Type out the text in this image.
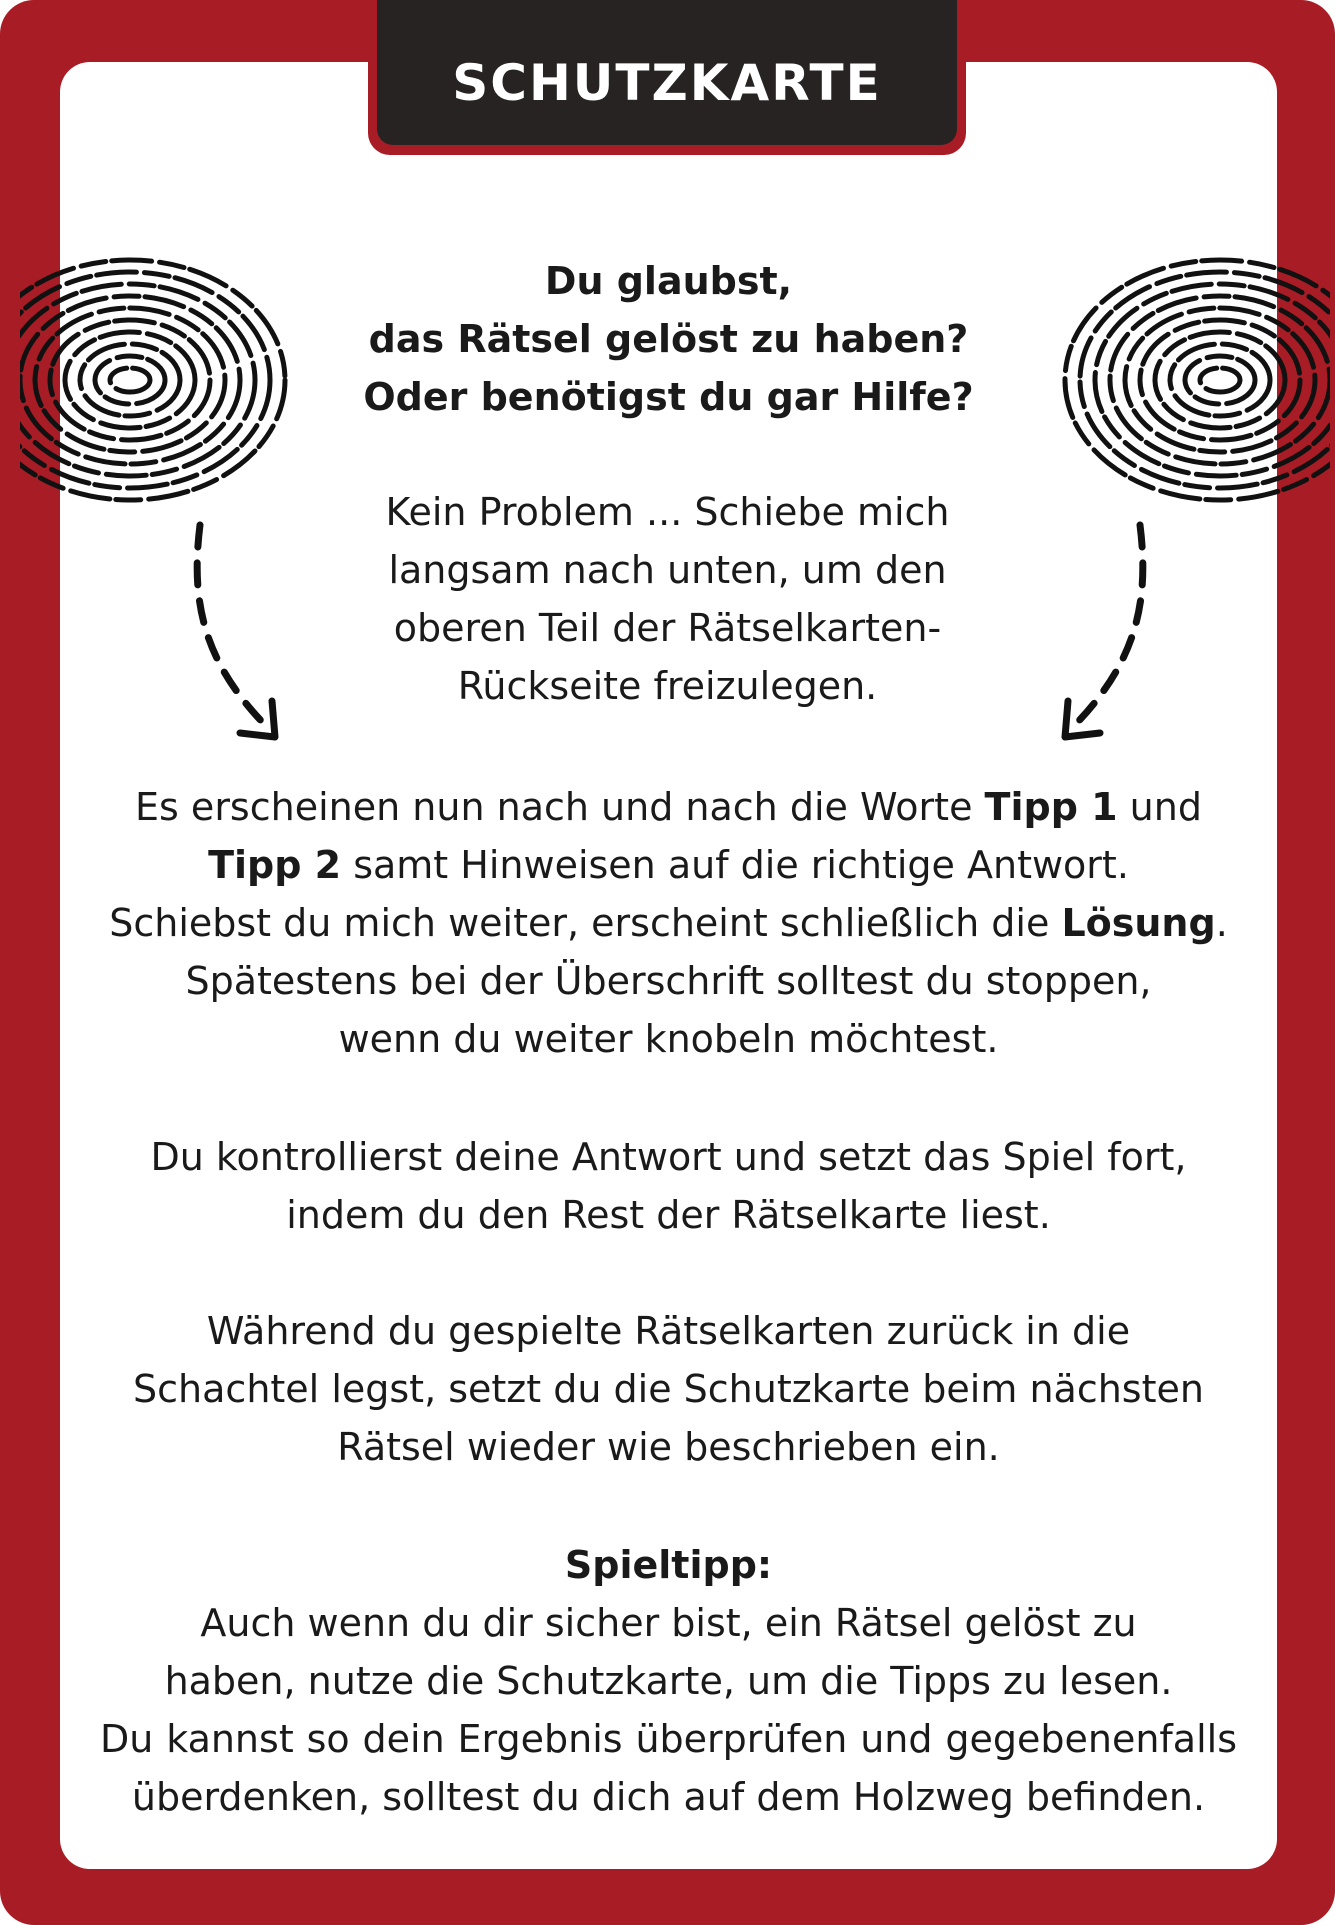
SCHUTZKARTE

Du glaubst,

das Rätsel gelöst zu haben?

Oder benötigst du gar Hilfe?

Kein Problem ... Schiebe mich

langsam nach unten, um den

oberen Teil der Rätselkarten-

Rückseite freizulegen.

Es erscheinen nun nach und nach die Worte Tipp 1 und

Tipp 2 samt Hinweisen auf die richtige Antwort.

Schiebst du mich weiter, erscheint schließlich die Lösung.

Spätestens bei der Überschrift solltest du stoppen,

wenn du weiter knobeln möchtest.

Du kontrollierst deine Antwort und setzt das Spiel fort,

indem du den Rest der Rätselkarte liest.

Während du gespielte Rätselkarten zurück in die

Schachtel legst, setzt du die Schutzkarte beim nächsten

Rätsel wieder wie beschrieben ein.

Spieltipp:

Auch wenn du dir sicher bist, ein Rätsel gelöst zu

haben, nutze die Schutzkarte, um die Tipps zu lesen.

Du kannst so dein Ergebnis überprüfen und gegebenenfalls

überdenken, solltest du dich auf dem Holzweg befinden.
